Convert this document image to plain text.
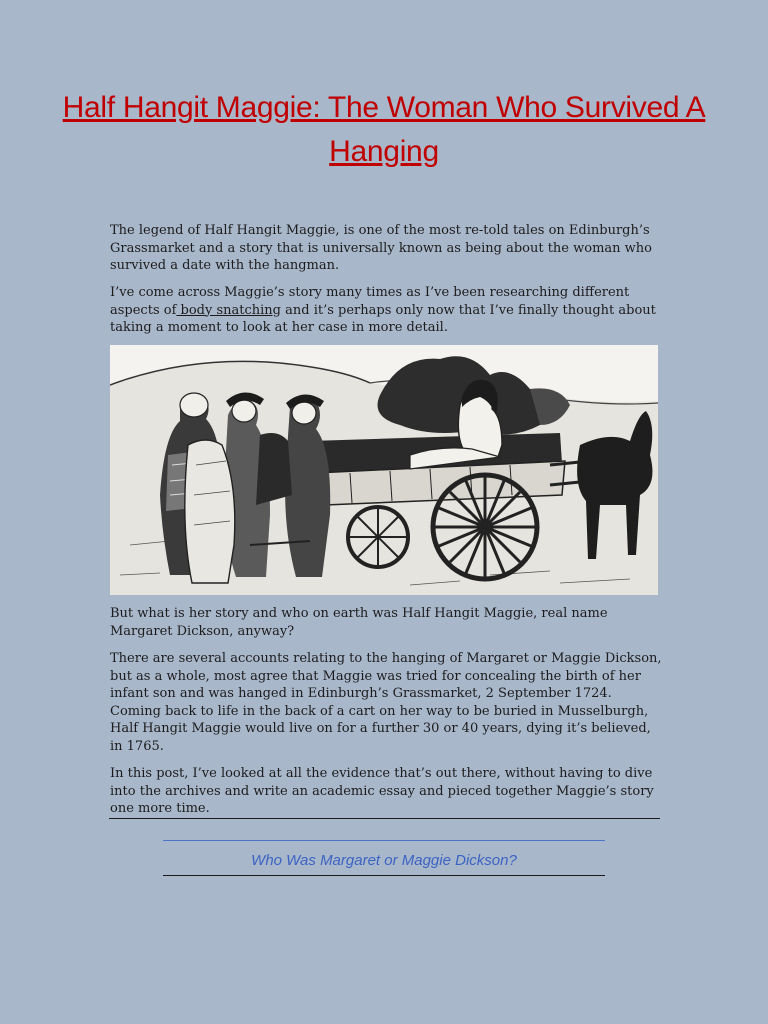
Half Hangit Maggie: The Woman Who Survived A Hanging

The legend of Half Hangit Maggie, is one of the most re-told tales on Edinburgh’s Grassmarket and a story that is universally known as being about the woman who survived a date with the hangman.

I’ve come across Maggie’s story many times as I’ve been researching different aspects of body snatching and it’s perhaps only now that I’ve finally thought about taking a moment to look at her case in more detail.

But what is her story and who on earth was Half Hangit Maggie, real name Margaret Dickson, anyway?

There are several accounts relating to the hanging of Margaret or Maggie Dickson, but as a whole, most agree that Maggie was tried for concealing the birth of her infant son and was hanged in Edinburgh’s Grassmarket, 2 September 1724. Coming back to life in the back of a cart on her way to be buried in Musselburgh, Half Hangit Maggie would live on for a further 30 or 40 years, dying it’s believed, in 1765.

In this post, I’ve looked at all the evidence that’s out there, without having to dive into the archives and write an academic essay and pieced together Maggie’s story one more time.

Who Was Margaret or Maggie Dickson?
